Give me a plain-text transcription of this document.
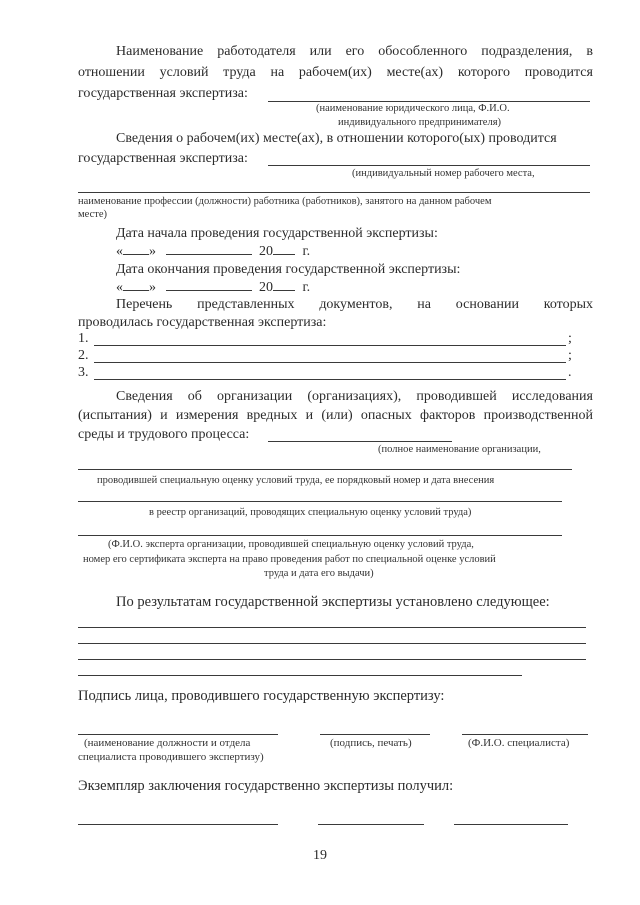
Наименование работодателя или его обособленного подразделения, в
отношении условий труда на рабочем(их) месте(ах) которого проводится
государственная экспертиза:
(наименование юридического лица, Ф.И.О.
индивидуального предпринимателя)
Сведения о рабочем(их) месте(ах), в отношении которого(ых) проводится
государственная экспертиза:
(индивидуальный номер рабочего места,
наименование профессии (должности) работника (работников), занятого на данном рабочем
месте)
Дата начала проведения государственной экспертизы:
« »	20 г.
Дата окончания проведения государственной экспертизы:
« »	20 г.
Перечень представленных документов, на основании которых
проводилась государственная экспертиза:
1.	;
2.	;
3.	.
Сведения об организации (организациях), проводившей исследования
(испытания) и измерения вредных и (или) опасных факторов производственной
среды и трудового процесса:
(полное наименование организации,
проводившей специальную оценку условий труда, ее порядковый номер и дата внесения
в реестр организаций, проводящих специальную оценку условий труда)
(Ф.И.О. эксперта организации, проводившей специальную оценку условий труда,
номер его сертификата эксперта на право проведения работ по специальной оценке условий
труда и дата его выдачи)
По результатам государственной экспертизы установлено следующее:
Подпись лица, проводившего государственную экспертизу:
(наименование должности и отдела
специалиста проводившего экспертизу)
(подпись, печать)	(Ф.И.О. специалиста)
Экземпляр заключения государственно экспертизы получил:
19
